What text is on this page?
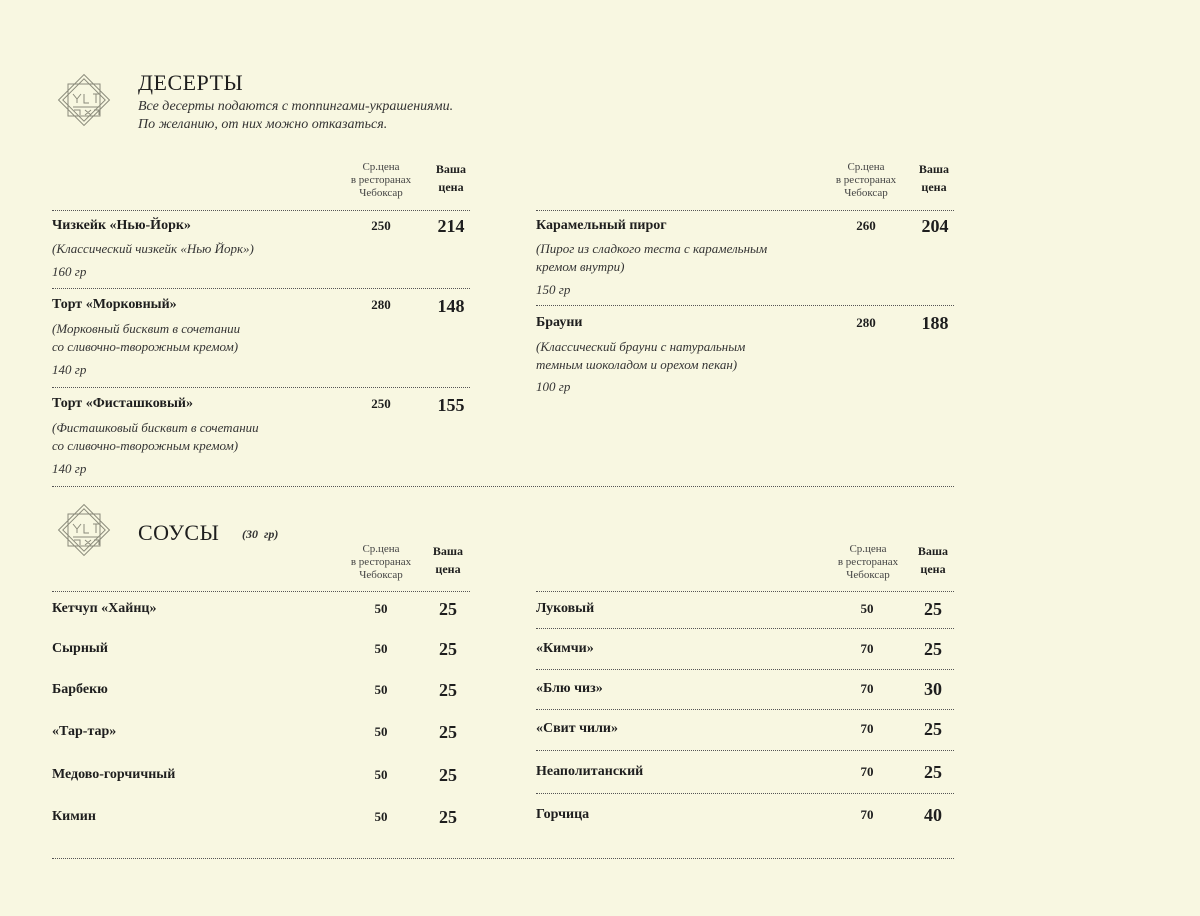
ДЕСЕРТЫ
Все десерты подаются с топпингами-украшениями.
По желанию, от них можно отказаться.
Ср.цена
в ресторанах
Чебоксар
Ваша
цена
Ср.цена
в ресторанах
Чебоксар
Ваша
цена
Чизкейк «Нью-Йорк»	250	214
(Классический чизкейк «Нью Йорк»)
160 гр
Торт «Морковный»	280	148
(Морковный бисквит в сочетании
со сливочно-творожным кремом)
140 гр
Торт «Фисташковый»	250	155
(Фисташковый бисквит в сочетании
со сливочно-творожным кремом)
140 гр
Карамельный пирог	260	204
(Пирог из сладкого теста с карамельным
кремом внутри)
150 гр
Брауни	280	188
(Классический брауни с натуральным
темным шоколадом и орехом пекан)
100 гр
СОУСЫ (30  гр)
Ср.цена
в ресторанах
Чебоксар
Ваша
цена
Ср.цена
в ресторанах
Чебоксар
Ваша
цена
Кетчуп «Хайнц»	50	25
Сырный	50	25
Барбекю	50	25
«Тар-тар»	50	25
Медово-горчичный	50	25
Кимин	50	25
Луковый	50	25
«Кимчи»	70	25
«Блю чиз»	70	30
«Свит чили»	70	25
Неаполитанский	70	25
Горчица	70	40
